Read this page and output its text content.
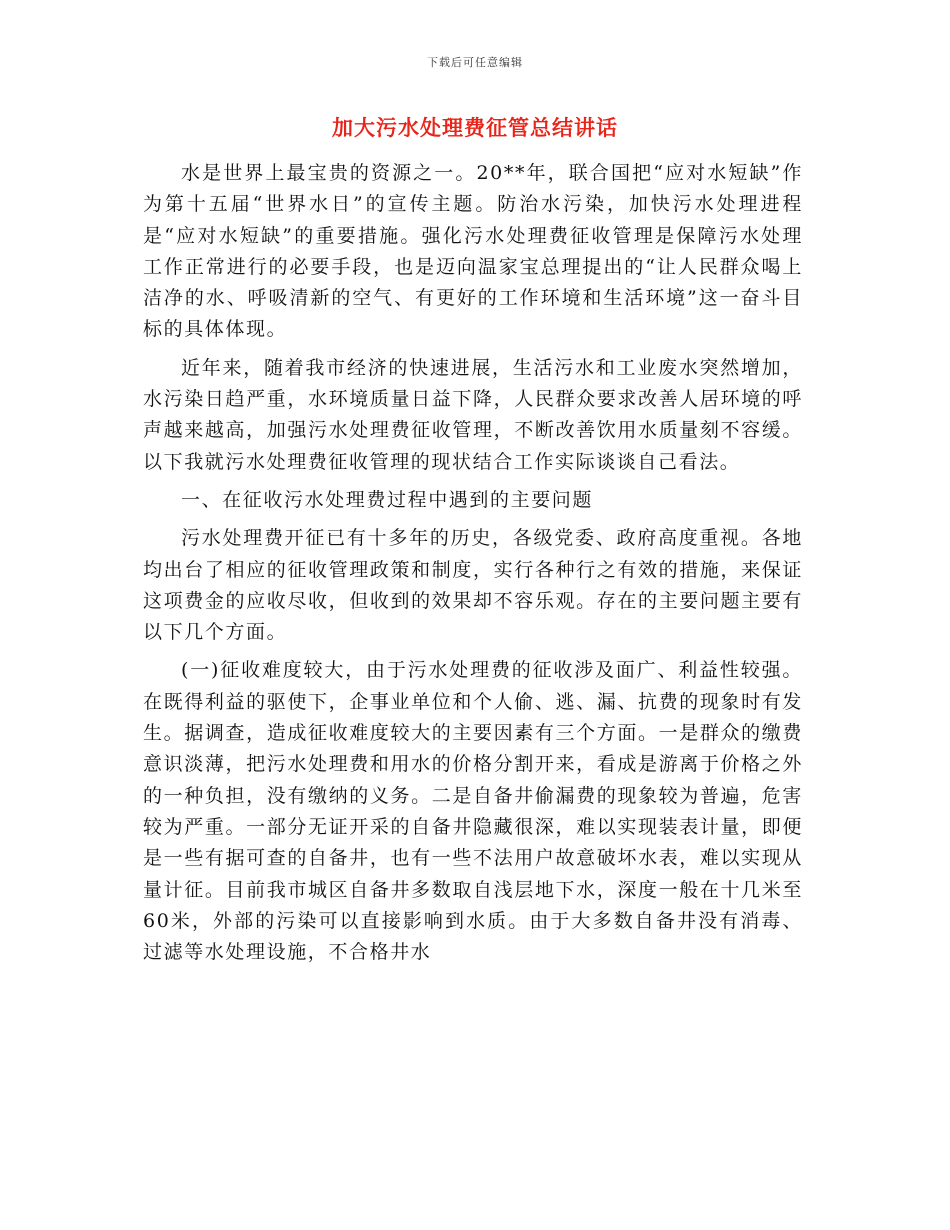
下载后可任意编辑
加大污水处理费征管总结讲话

水是世界上最宝贵的资源之一。20**年，联合国把“应对水短缺”作为第十五届“世界水日”的宣传主题。防治水污染，加快污水处理进程是“应对水短缺”的重要措施。强化污水处理费征收管理是保障污水处理工作正常进行的必要手段，也是迈向温家宝总理提出的“让人民群众喝上洁净的水、呼吸清新的空气、有更好的工作环境和生活环境”这一奋斗目标的具体体现。

近年来，随着我市经济的快速进展，生活污水和工业废水突然增加，水污染日趋严重，水环境质量日益下降，人民群众要求改善人居环境的呼声越来越高，加强污水处理费征收管理，不断改善饮用水质量刻不容缓。以下我就污水处理费征收管理的现状结合工作实际谈谈自己看法。

一、在征收污水处理费过程中遇到的主要问题

污水处理费开征已有十多年的历史，各级党委、政府高度重视。各地均出台了相应的征收管理政策和制度，实行各种行之有效的措施，来保证这项费金的应收尽收，但收到的效果却不容乐观。存在的主要问题主要有以下几个方面。

(一)征收难度较大，由于污水处理费的征收涉及面广、利益性较强。在既得利益的驱使下，企事业单位和个人偷、逃、漏、抗费的现象时有发生。据调查，造成征收难度较大的主要因素有三个方面。一是群众的缴费意识淡薄，把污水处理费和用水的价格分割开来，看成是游离于价格之外的一种负担，没有缴纳的义务。二是自备井偷漏费的现象较为普遍，危害较为严重。一部分无证开采的自备井隐藏很深，难以实现装表计量，即便是一些有据可查的自备井，也有一些不法用户故意破坏水表，难以实现从量计征。目前我市城区自备井多数取自浅层地下水，深度一般在十几米至60米，外部的污染可以直接影响到水质。由于大多数自备井没有消毒、过滤等水处理设施，不合格井水
